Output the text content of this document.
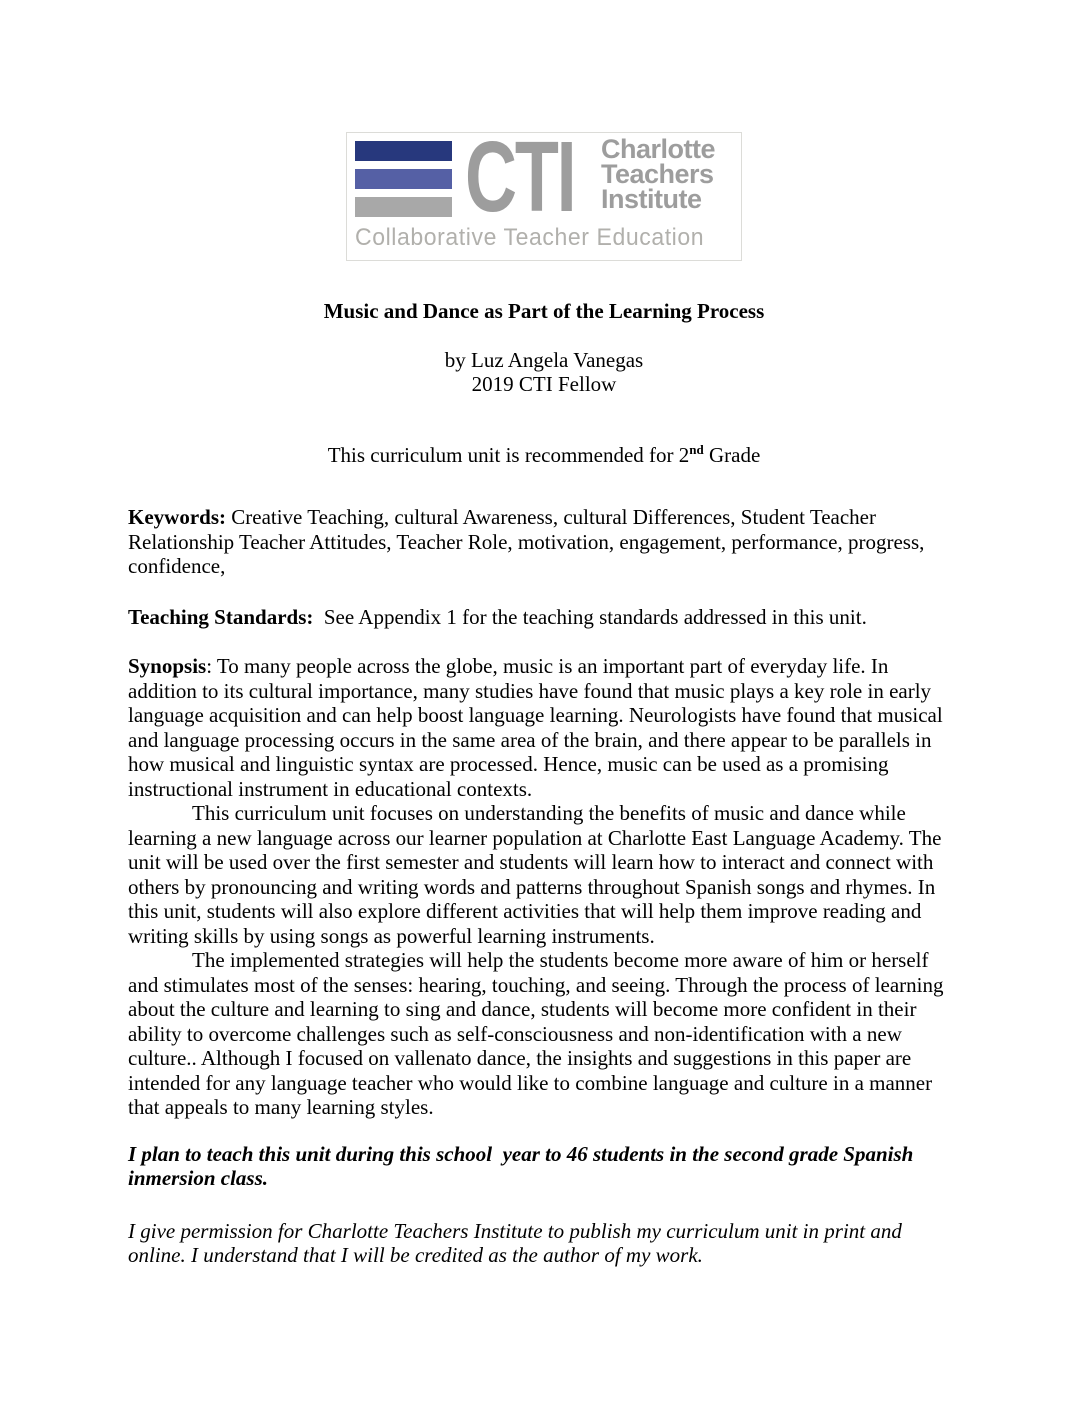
CTI Charlotte
Teachers
Institute
Collaborative Teacher Education
Music and Dance as Part of the Learning Process
by Luz Angela Vanegas
2019 CTI Fellow
This curriculum unit is recommended for 2nd Grade

Keywords: Creative Teaching, cultural Awareness, cultural Differences, Student Teacher Relationship Teacher Attitudes, Teacher Role, motivation, engagement, performance, progress, confidence,

Teaching Standards:  See Appendix 1 for the teaching standards addressed in this unit.

Synopsis: To many people across the globe, music is an important part of everyday life. In addition to its cultural importance, many studies have found that music plays a key role in early language acquisition and can help boost language learning. Neurologists have found that musical and language processing occurs in the same area of the brain, and there appear to be parallels in how musical and linguistic syntax are processed. Hence, music can be used as a promising instructional instrument in educational contexts.

This curriculum unit focuses on understanding the benefits of music and dance while learning a new language across our learner population at Charlotte East Language Academy. The unit will be used over the first semester and students will learn how to interact and connect with others by pronouncing and writing words and patterns throughout Spanish songs and rhymes. In this unit, students will also explore different activities that will help them improve reading and writing skills by using songs as powerful learning instruments.

The implemented strategies will help the students become more aware of him or herself and stimulates most of the senses: hearing, touching, and seeing. Through the process of learning about the culture and learning to sing and dance, students will become more confident in their ability to overcome challenges such as self-consciousness and non-identification with a new culture.. Although I focused on vallenato dance, the insights and suggestions in this paper are intended for any language teacher who would like to combine language and culture in a manner that appeals to many learning styles.

I plan to teach this unit during this school  year to 46 students in the second grade Spanish inmersion class.

I give permission for Charlotte Teachers Institute to publish my curriculum unit in print and online. I understand that I will be credited as the author of my work.
